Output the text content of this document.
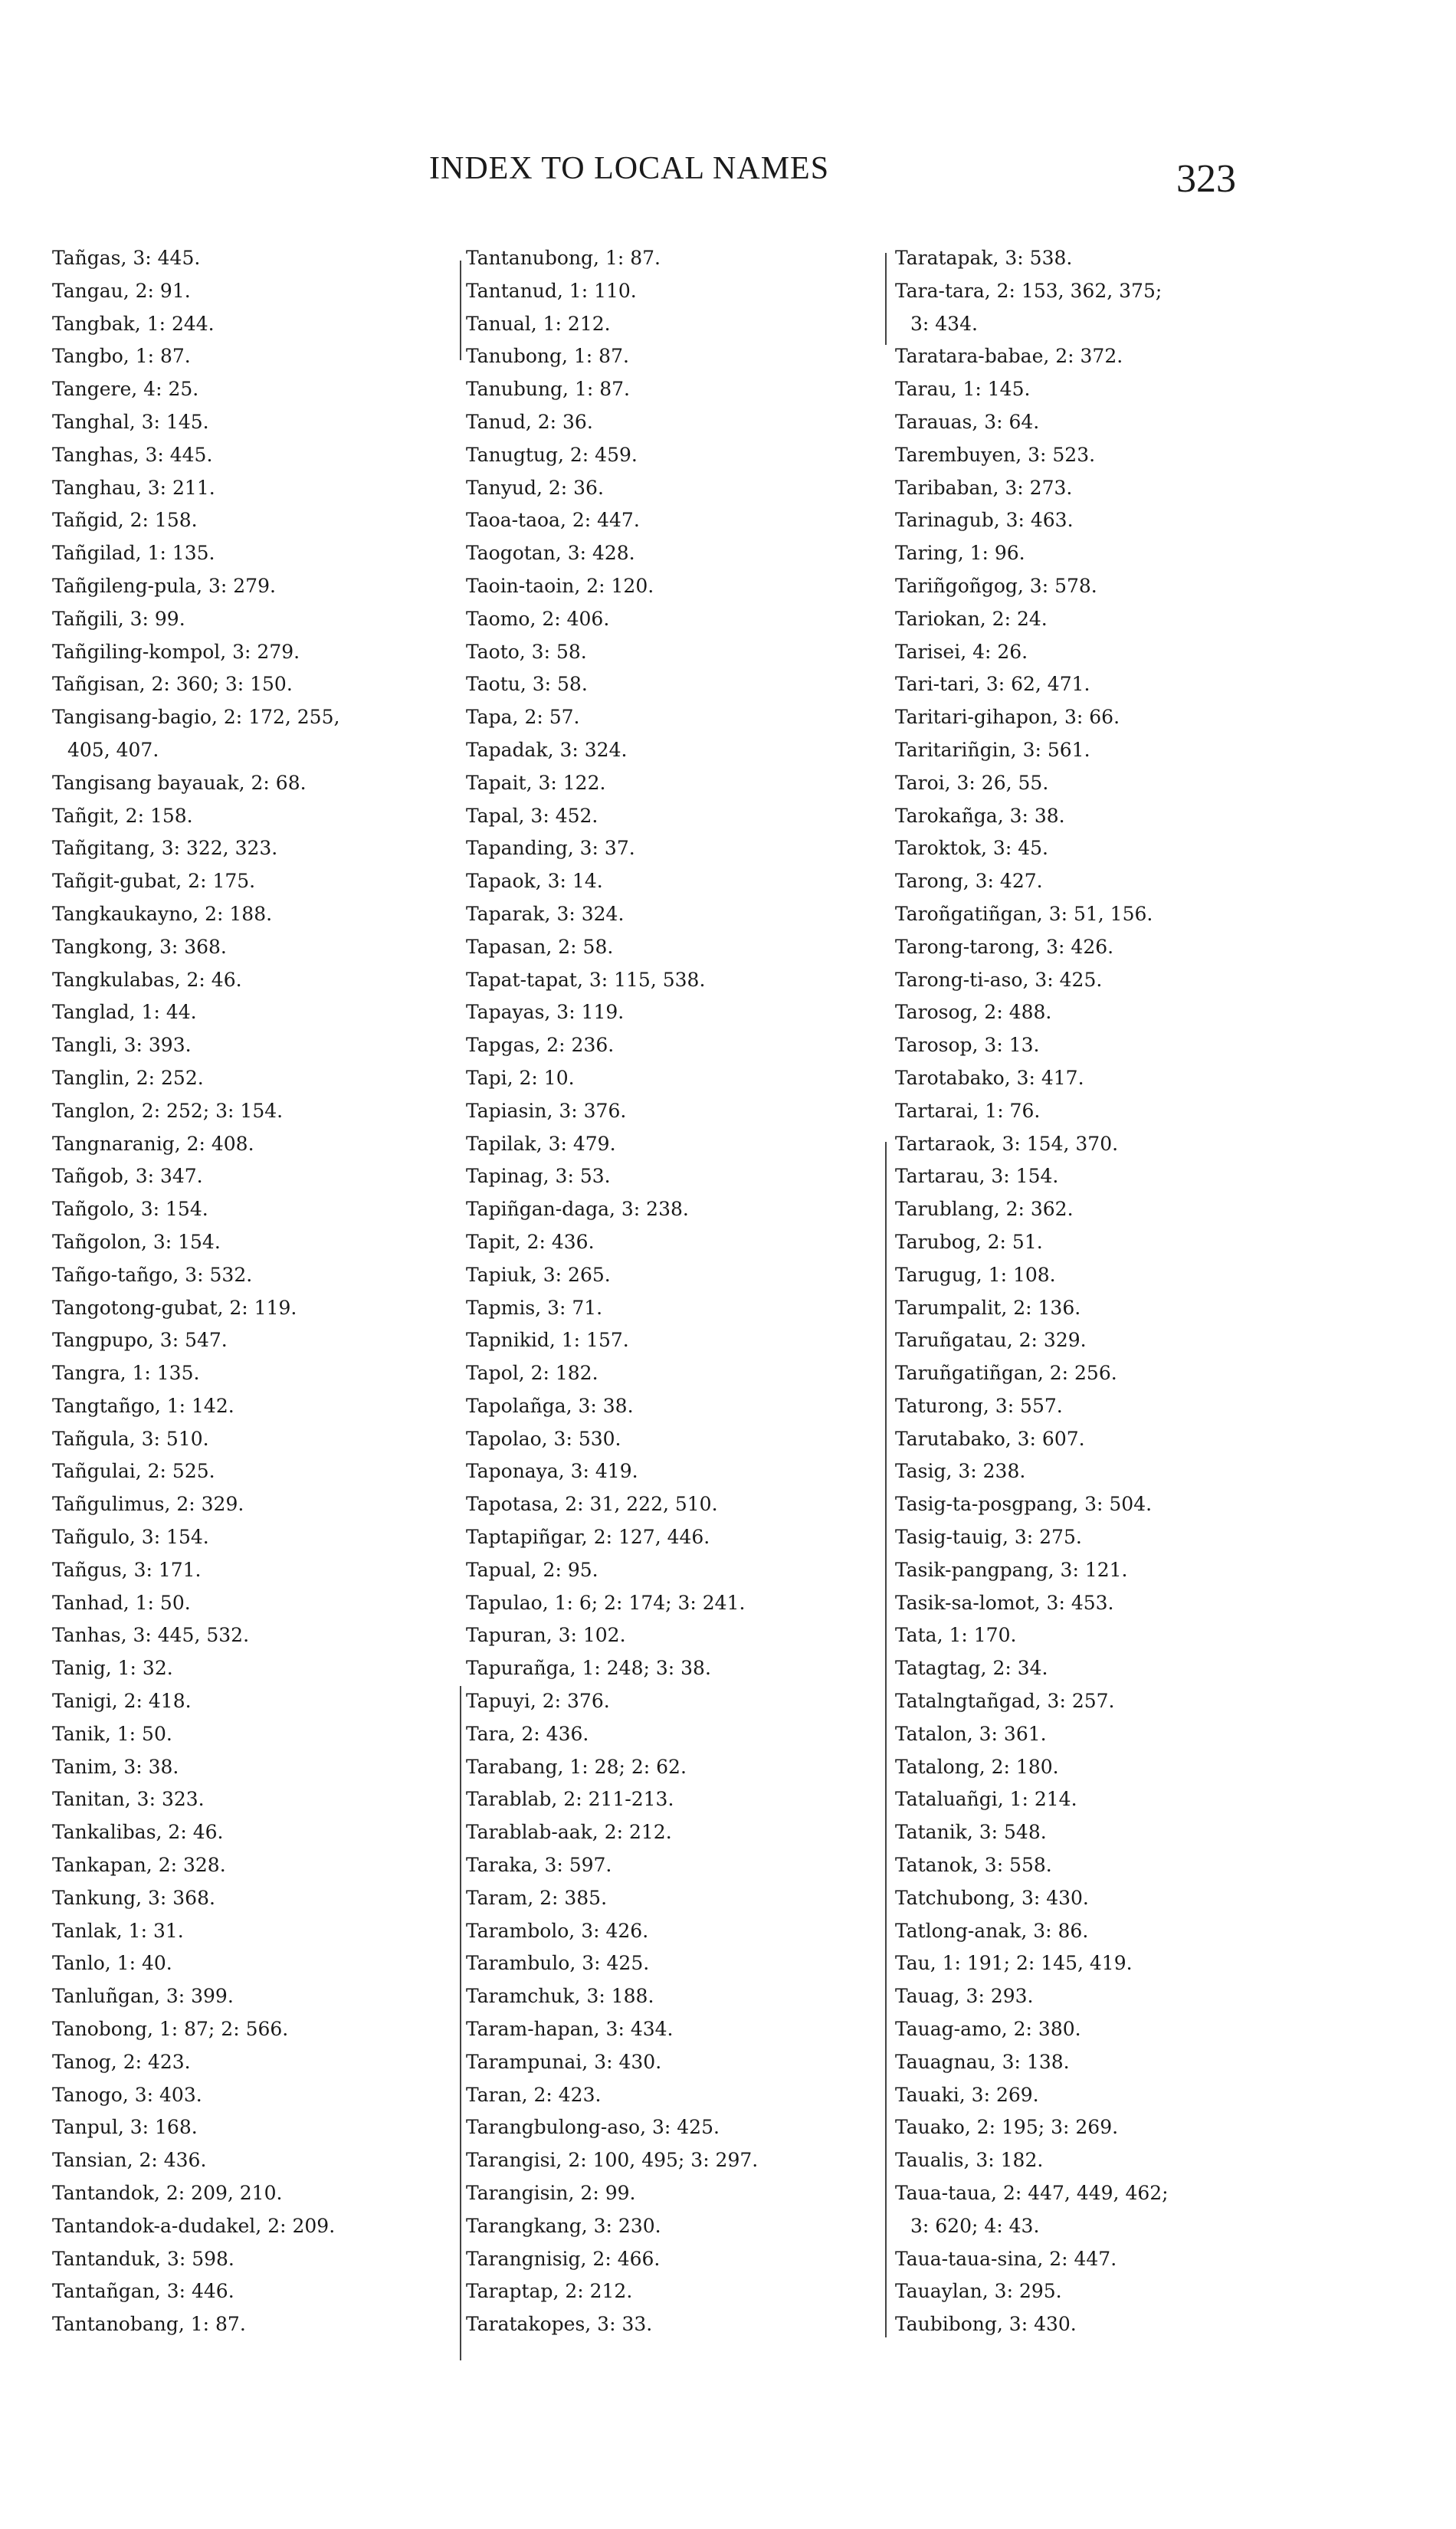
INDEX TO LOCAL NAMES	323
Tañgas, 3: 445.
Tangau, 2: 91.
Tangbak, 1: 244.
Tangbo, 1: 87.
Tangere, 4: 25.
Tanghal, 3: 145.
Tanghas, 3: 445.
Tanghau, 3: 211.
Tañgid, 2: 158.
Tañgilad, 1: 135.
Tañgileng-pula, 3: 279.
Tañgili, 3: 99.
Tañgiling-kompol, 3: 279.
Tañgisan, 2: 360; 3: 150.
Tangisang-bagio, 2: 172, 255,
405, 407.
Tangisang bayauak, 2: 68.
Tañgit, 2: 158.
Tañgitang, 3: 322, 323.
Tañgit-gubat, 2: 175.
Tangkaukayno, 2: 188.
Tangkong, 3: 368.
Tangkulabas, 2: 46.
Tanglad, 1: 44.
Tangli, 3: 393.
Tanglin, 2: 252.
Tanglon, 2: 252; 3: 154.
Tangnaranig, 2: 408.
Tañgob, 3: 347.
Tañgolo, 3: 154.
Tañgolon, 3: 154.
Tañgo-tañgo, 3: 532.
Tangotong-gubat, 2: 119.
Tangpupo, 3: 547.
Tangra, 1: 135.
Tangtañgo, 1: 142.
Tañgula, 3: 510.
Tañgulai, 2: 525.
Tañgulimus, 2: 329.
Tañgulo, 3: 154.
Tañgus, 3: 171.
Tanhad, 1: 50.
Tanhas, 3: 445, 532.
Tanig, 1: 32.
Tanigi, 2: 418.
Tanik, 1: 50.
Tanim, 3: 38.
Tanitan, 3: 323.
Tankalibas, 2: 46.
Tankapan, 2: 328.
Tankung, 3: 368.
Tanlak, 1: 31.
Tanlo, 1: 40.
Tanluñgan, 3: 399.
Tanobong, 1: 87; 2: 566.
Tanog, 2: 423.
Tanogo, 3: 403.
Tanpul, 3: 168.
Tansian, 2: 436.
Tantandok, 2: 209, 210.
Tantandok-a-dudakel, 2: 209.
Tantanduk, 3: 598.
Tantañgan, 3: 446.
Tantanobang, 1: 87.
Tantanubong, 1: 87.
Tantanud, 1: 110.
Tanual, 1: 212.
Tanubong, 1: 87.
Tanubung, 1: 87.
Tanud, 2: 36.
Tanugtug, 2: 459.
Tanyud, 2: 36.
Taoa-taoa, 2: 447.
Taogotan, 3: 428.
Taoin-taoin, 2: 120.
Taomo, 2: 406.
Taoto, 3: 58.
Taotu, 3: 58.
Tapa, 2: 57.
Tapadak, 3: 324.
Tapait, 3: 122.
Tapal, 3: 452.
Tapanding, 3: 37.
Tapaok, 3: 14.
Taparak, 3: 324.
Tapasan, 2: 58.
Tapat-tapat, 3: 115, 538.
Tapayas, 3: 119.
Tapgas, 2: 236.
Tapi, 2: 10.
Tapiasin, 3: 376.
Tapilak, 3: 479.
Tapinag, 3: 53.
Tapiñgan-daga, 3: 238.
Tapit, 2: 436.
Tapiuk, 3: 265.
Tapmis, 3: 71.
Tapnikid, 1: 157.
Tapol, 2: 182.
Tapolañga, 3: 38.
Tapolao, 3: 530.
Taponaya, 3: 419.
Tapotasa, 2: 31, 222, 510.
Taptapiñgar, 2: 127, 446.
Tapual, 2: 95.
Tapulao, 1: 6; 2: 174; 3: 241.
Tapuran, 3: 102.
Tapurañga, 1: 248; 3: 38.
Tapuyi, 2: 376.
Tara, 2: 436.
Tarabang, 1: 28; 2: 62.
Tarablab, 2: 211-213.
Tarablab-aak, 2: 212.
Taraka, 3: 597.
Taram, 2: 385.
Tarambolo, 3: 426.
Tarambulo, 3: 425.
Taramchuk, 3: 188.
Taram-hapan, 3: 434.
Tarampunai, 3: 430.
Taran, 2: 423.
Tarangbulong-aso, 3: 425.
Tarangisi, 2: 100, 495; 3: 297.
Tarangisin, 2: 99.
Tarangkang, 3: 230.
Tarangnisig, 2: 466.
Taraptap, 2: 212.
Taratakopes, 3: 33.
Taratapak, 3: 538.
Tara-tara, 2: 153, 362, 375;
3: 434.
Taratara-babae, 2: 372.
Tarau, 1: 145.
Tarauas, 3: 64.
Tarembuyen, 3: 523.
Taribaban, 3: 273.
Tarinagub, 3: 463.
Taring, 1: 96.
Tariñgoñgog, 3: 578.
Tariokan, 2: 24.
Tarisei, 4: 26.
Tari-tari, 3: 62, 471.
Taritari-gihapon, 3: 66.
Taritariñgin, 3: 561.
Taroi, 3: 26, 55.
Tarokañga, 3: 38.
Taroktok, 3: 45.
Tarong, 3: 427.
Taroñgatiñgan, 3: 51, 156.
Tarong-tarong, 3: 426.
Tarong-ti-aso, 3: 425.
Tarosog, 2: 488.
Tarosop, 3: 13.
Tarotabako, 3: 417.
Tartarai, 1: 76.
Tartaraok, 3: 154, 370.
Tartarau, 3: 154.
Tarublang, 2: 362.
Tarubog, 2: 51.
Tarugug, 1: 108.
Tarumpalit, 2: 136.
Taruñgatau, 2: 329.
Taruñgatiñgan, 2: 256.
Taturong, 3: 557.
Tarutabako, 3: 607.
Tasig, 3: 238.
Tasig-ta-posgpang, 3: 504.
Tasig-tauig, 3: 275.
Tasik-pangpang, 3: 121.
Tasik-sa-lomot, 3: 453.
Tata, 1: 170.
Tatagtag, 2: 34.
Tatalngtañgad, 3: 257.
Tatalon, 3: 361.
Tatalong, 2: 180.
Tataluañgi, 1: 214.
Tatanik, 3: 548.
Tatanok, 3: 558.
Tatchubong, 3: 430.
Tatlong-anak, 3: 86.
Tau, 1: 191; 2: 145, 419.
Tauag, 3: 293.
Tauag-amo, 2: 380.
Tauagnau, 3: 138.
Tauaki, 3: 269.
Tauako, 2: 195; 3: 269.
Taualis, 3: 182.
Taua-taua, 2: 447, 449, 462;
3: 620; 4: 43.
Taua-taua-sina, 2: 447.
Tauaylan, 3: 295.
Taubibong, 3: 430.
